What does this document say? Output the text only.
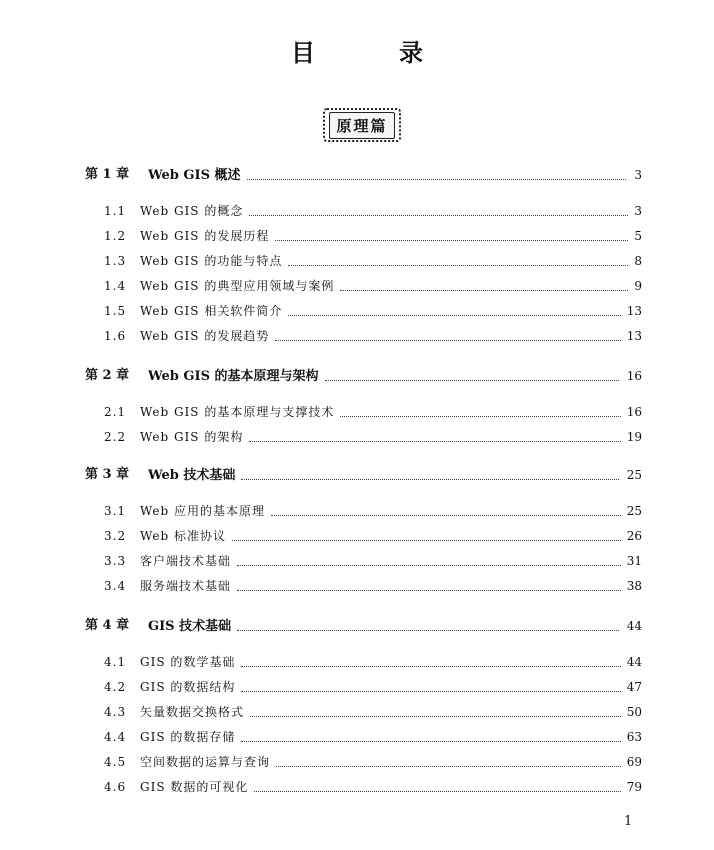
目　录
原理篇
第 1 章 Web GIS 概述	3
1.1 Web GIS 的概念	3
1.2 Web GIS 的发展历程	5
1.3 Web GIS 的功能与特点	8
1.4 Web GIS 的典型应用领域与案例	9
1.5 Web GIS 相关软件简介	13
1.6 Web GIS 的发展趋势	13
第 2 章 Web GIS 的基本原理与架构	16
2.1 Web GIS 的基本原理与支撑技术	16
2.2 Web GIS 的架构	19
第 3 章 Web 技术基础	25
3.1 Web 应用的基本原理	25
3.2 Web 标准协议	26
3.3 客户端技术基础	31
3.4 服务端技术基础	38
第 4 章 GIS 技术基础	44
4.1 GIS 的数学基础	44
4.2 GIS 的数据结构	47
4.3 矢量数据交换格式	50
4.4 GIS 的数据存储	63
4.5 空间数据的运算与查询	69
4.6 GIS 数据的可视化	79
1
